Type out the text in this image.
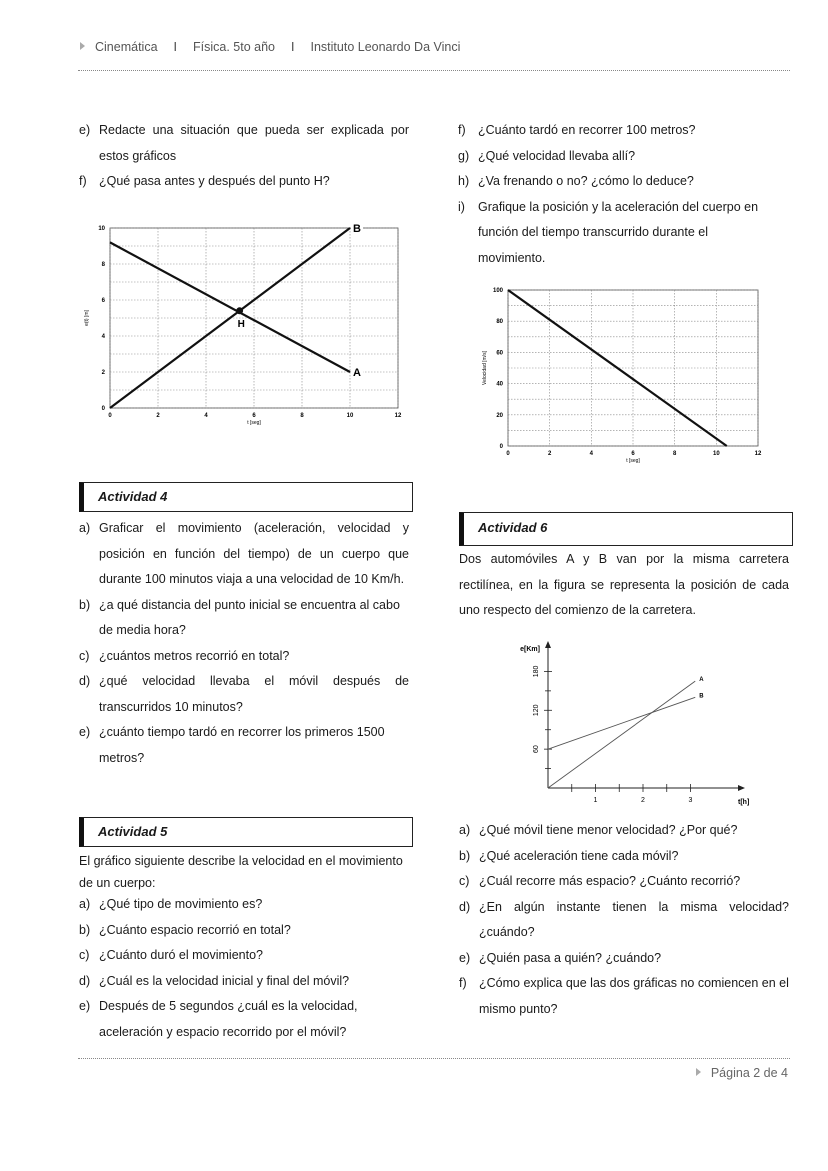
Cinemática I Física. 5to año I Instituto Leonardo Da Vinci
e) Redacte una situación que pueda ser explicada por
estos gráficos
f) ¿Qué pasa antes y después del punto H?
0	2	4	6	8	10	12
0
2
4
6
8
10
t [seg]
e(t) [m]
A
B
H
f) ¿Cuánto tardó en recorrer 100 metros?
g) ¿Qué velocidad llevaba allí?
h) ¿Va frenando o no? ¿cómo lo deduce?
i)	Grafique la posición y la aceleración del cuerpo en
función del tiempo transcurrido durante el
movimiento.
0	2	4	6	8	10	12
0
20
40
60
80
100
t [seg]
Velocidad [m/s]
Actividad 4
a) Graficar el movimiento (aceleración, velocidad y
posición en función del tiempo) de un cuerpo que
durante 100 minutos viaja a una velocidad de 10 Km/h.
b) ¿a qué distancia del punto inicial se encuentra al cabo
de media hora?
c) ¿cuántos metros recorrió en total?
d) ¿qué velocidad llevaba el móvil después de
transcurridos 10 minutos?
e) ¿cuánto tiempo tardó en recorrer los primeros 1500
metros?
Actividad 5
El gráfico siguiente describe la velocidad en el movimiento
de un cuerpo:
a) ¿Qué tipo de movimiento es?
b) ¿Cuánto espacio recorrió en total?
c) ¿Cuánto duró el movimiento?
d) ¿Cuál es la velocidad inicial y final del móvil?
e) Después de 5 segundos ¿cuál es la velocidad,
aceleración y espacio recorrido por el móvil?
Actividad 6
Dos automóviles A y B van por la misma carretera
rectilínea, en la figura se representa la posición de cada
uno respecto del comienzo de la carretera.
1	2	3
60
120
180
e[Km]
t[h]
A
B
a) ¿Qué móvil tiene menor velocidad? ¿Por qué?
b) ¿Qué aceleración tiene cada móvil?
c) ¿Cuál recorre más espacio? ¿Cuánto recorrió?
d) ¿En algún instante tienen la misma velocidad?
¿cuándo?
e) ¿Quién pasa a quién? ¿cuándo?
f) ¿Cómo explica que las dos gráficas no comiencen en el
mismo punto?
Página 2 de 4
